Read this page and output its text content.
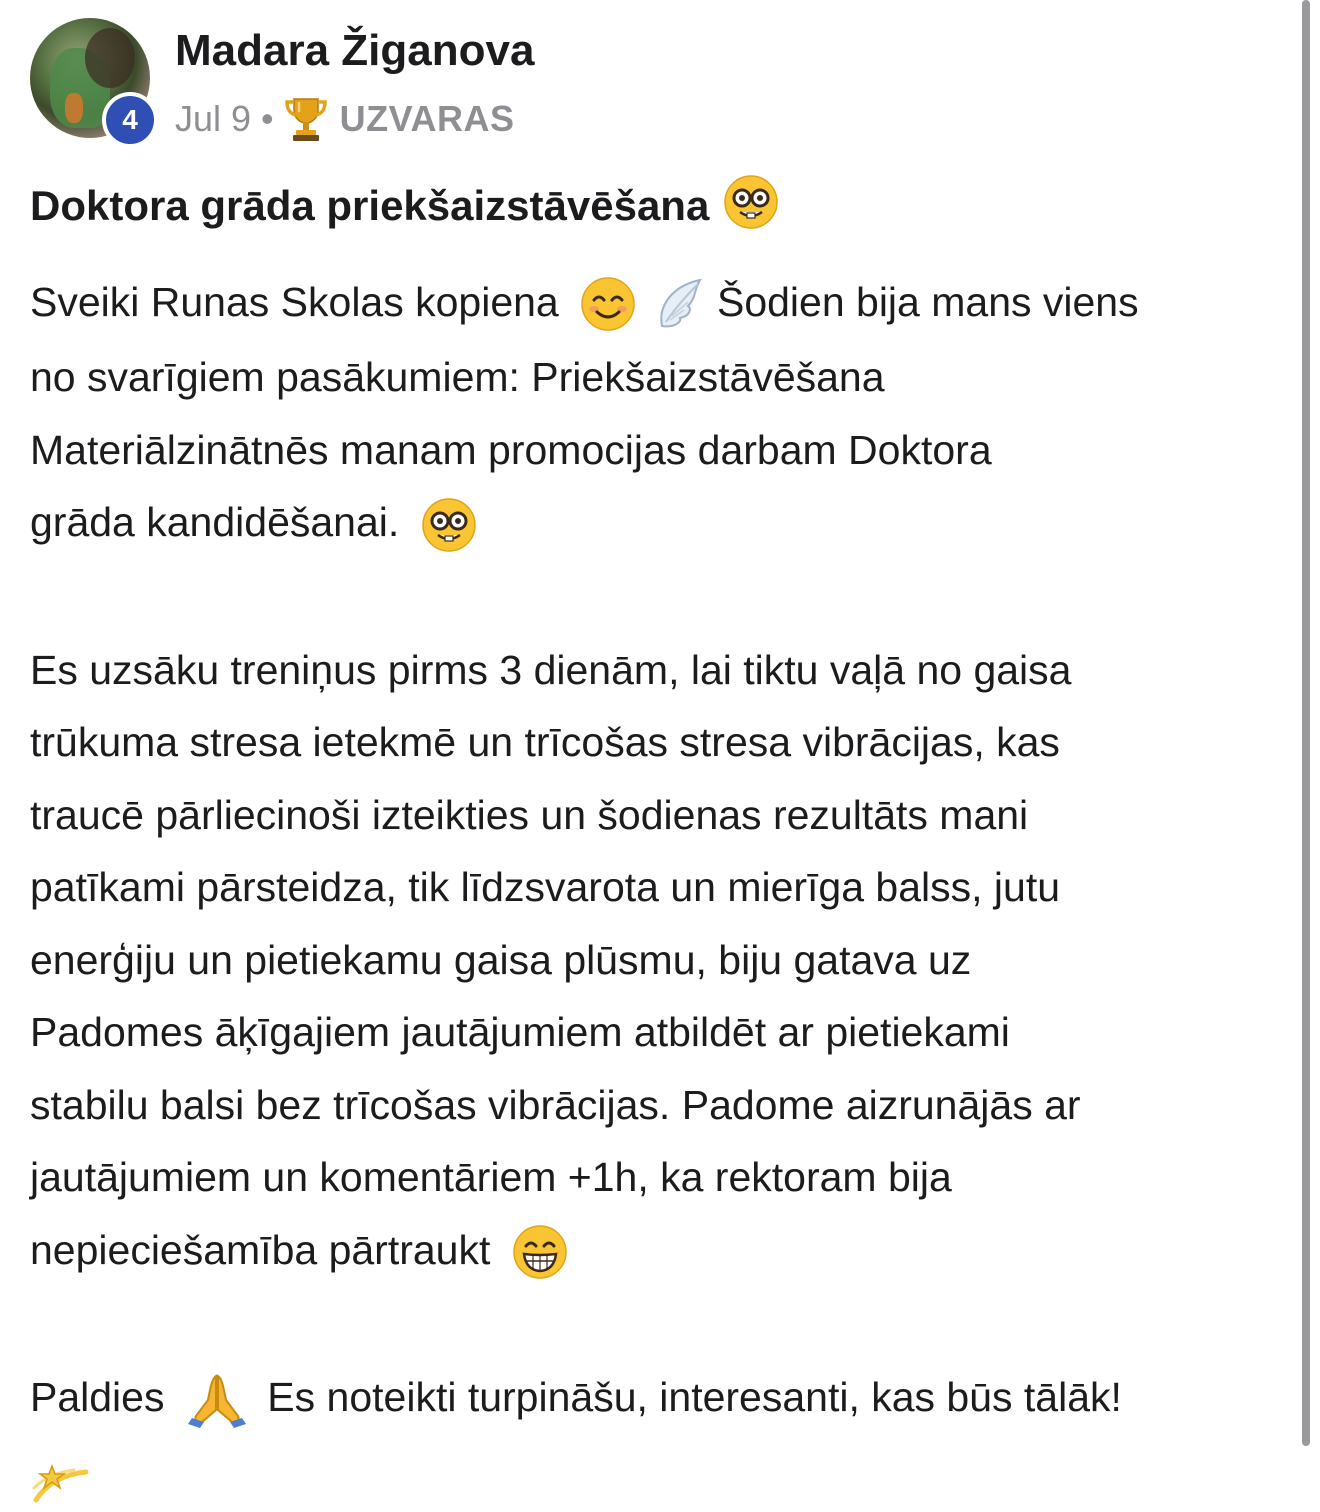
4
Madara Žiganova
Jul 9 • UZVARAS
Doktora grāda priekšaizstāvēšana
Sveiki Runas Skolas kopiena	Šodien bija mans viens
no svarīgiem pasākumiem: Priekšaizstāvēšana
Materiālzinātnēs manam promocijas darbam Doktora
grāda kandidēšanai.
Es uzsāku treniņus pirms 3 dienām, lai tiktu vaļā no gaisa
trūkuma stresa ietekmē un trīcošas stresa vibrācijas, kas
traucē pārliecinoši izteikties un šodienas rezultāts mani
patīkami pārsteidza, tik līdzsvarota un mierīga balss, jutu
enerģiju un pietiekamu gaisa plūsmu, biju gatava uz
Padomes āķīgajiem jautājumiem atbildēt ar pietiekami
stabilu balsi bez trīcošas vibrācijas. Padome aizrunājās ar
jautājumiem un komentāriem +1h, ka rektoram bija
nepieciešamība pārtraukt
Paldies	Es noteikti turpināšu, interesanti, kas būs tālāk!
